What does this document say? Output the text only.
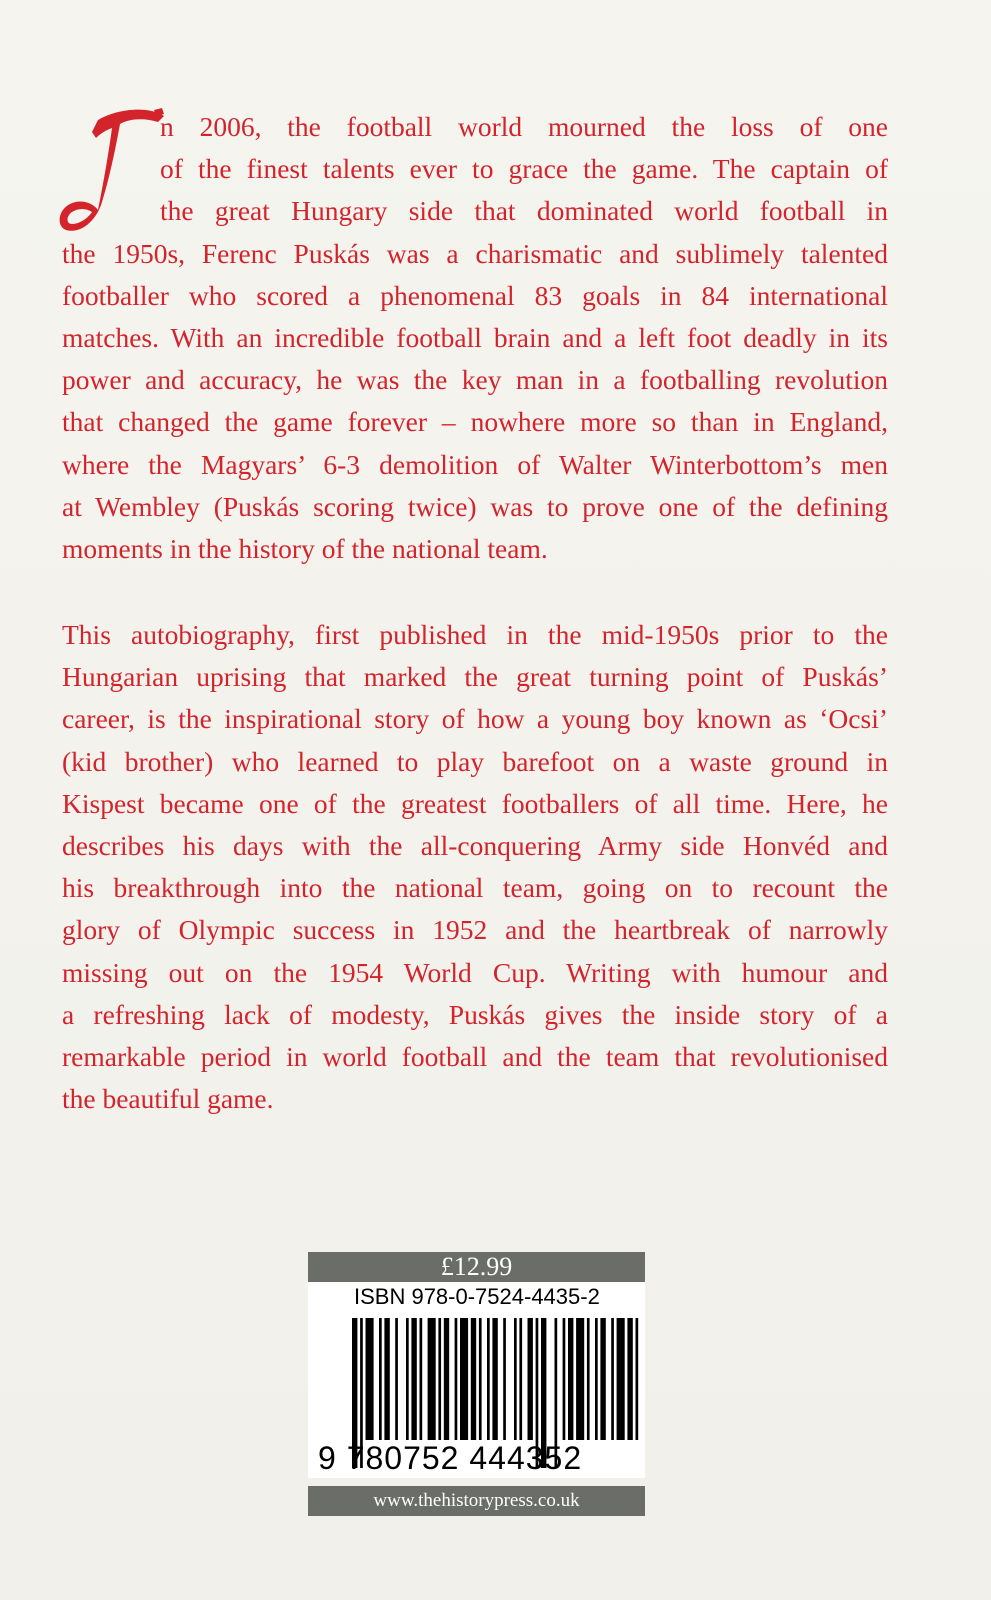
n 2006, the football world mourned the loss of one
of the finest talents ever to grace the game. The captain of
the great Hungary side that dominated world football in
the 1950s, Ferenc Puskás was a charismatic and sublimely talented
footballer who scored a phenomenal 83 goals in 84 international
matches. With an incredible football brain and a left foot deadly in its
power and accuracy, he was the key man in a footballing revolution
that changed the game forever – nowhere more so than in England,
where the Magyars’ 6-3 demolition of Walter Winterbottom’s men
at Wembley (Puskás scoring twice) was to prove one of the defining
moments in the history of the national team.
This autobiography, first published in the mid-1950s prior to the
Hungarian uprising that marked the great turning point of Puskás’
career, is the inspirational story of how a young boy known as ‘Ocsi’
(kid brother) who learned to play barefoot on a waste ground in
Kispest became one of the greatest footballers of all time. Here, he
describes his days with the all-conquering Army side Honvéd and
his breakthrough into the national team, going on to recount the
glory of Olympic success in 1952 and the heartbreak of narrowly
missing out on the 1954 World Cup. Writing with humour and
a refreshing lack of modesty, Puskás gives the inside story of a
remarkable period in world football and the team that revolutionised
the beautiful game.
£12.99
ISBN 978-0-7524-4435-2
9 780752 444352
www.thehistorypress.co.uk
